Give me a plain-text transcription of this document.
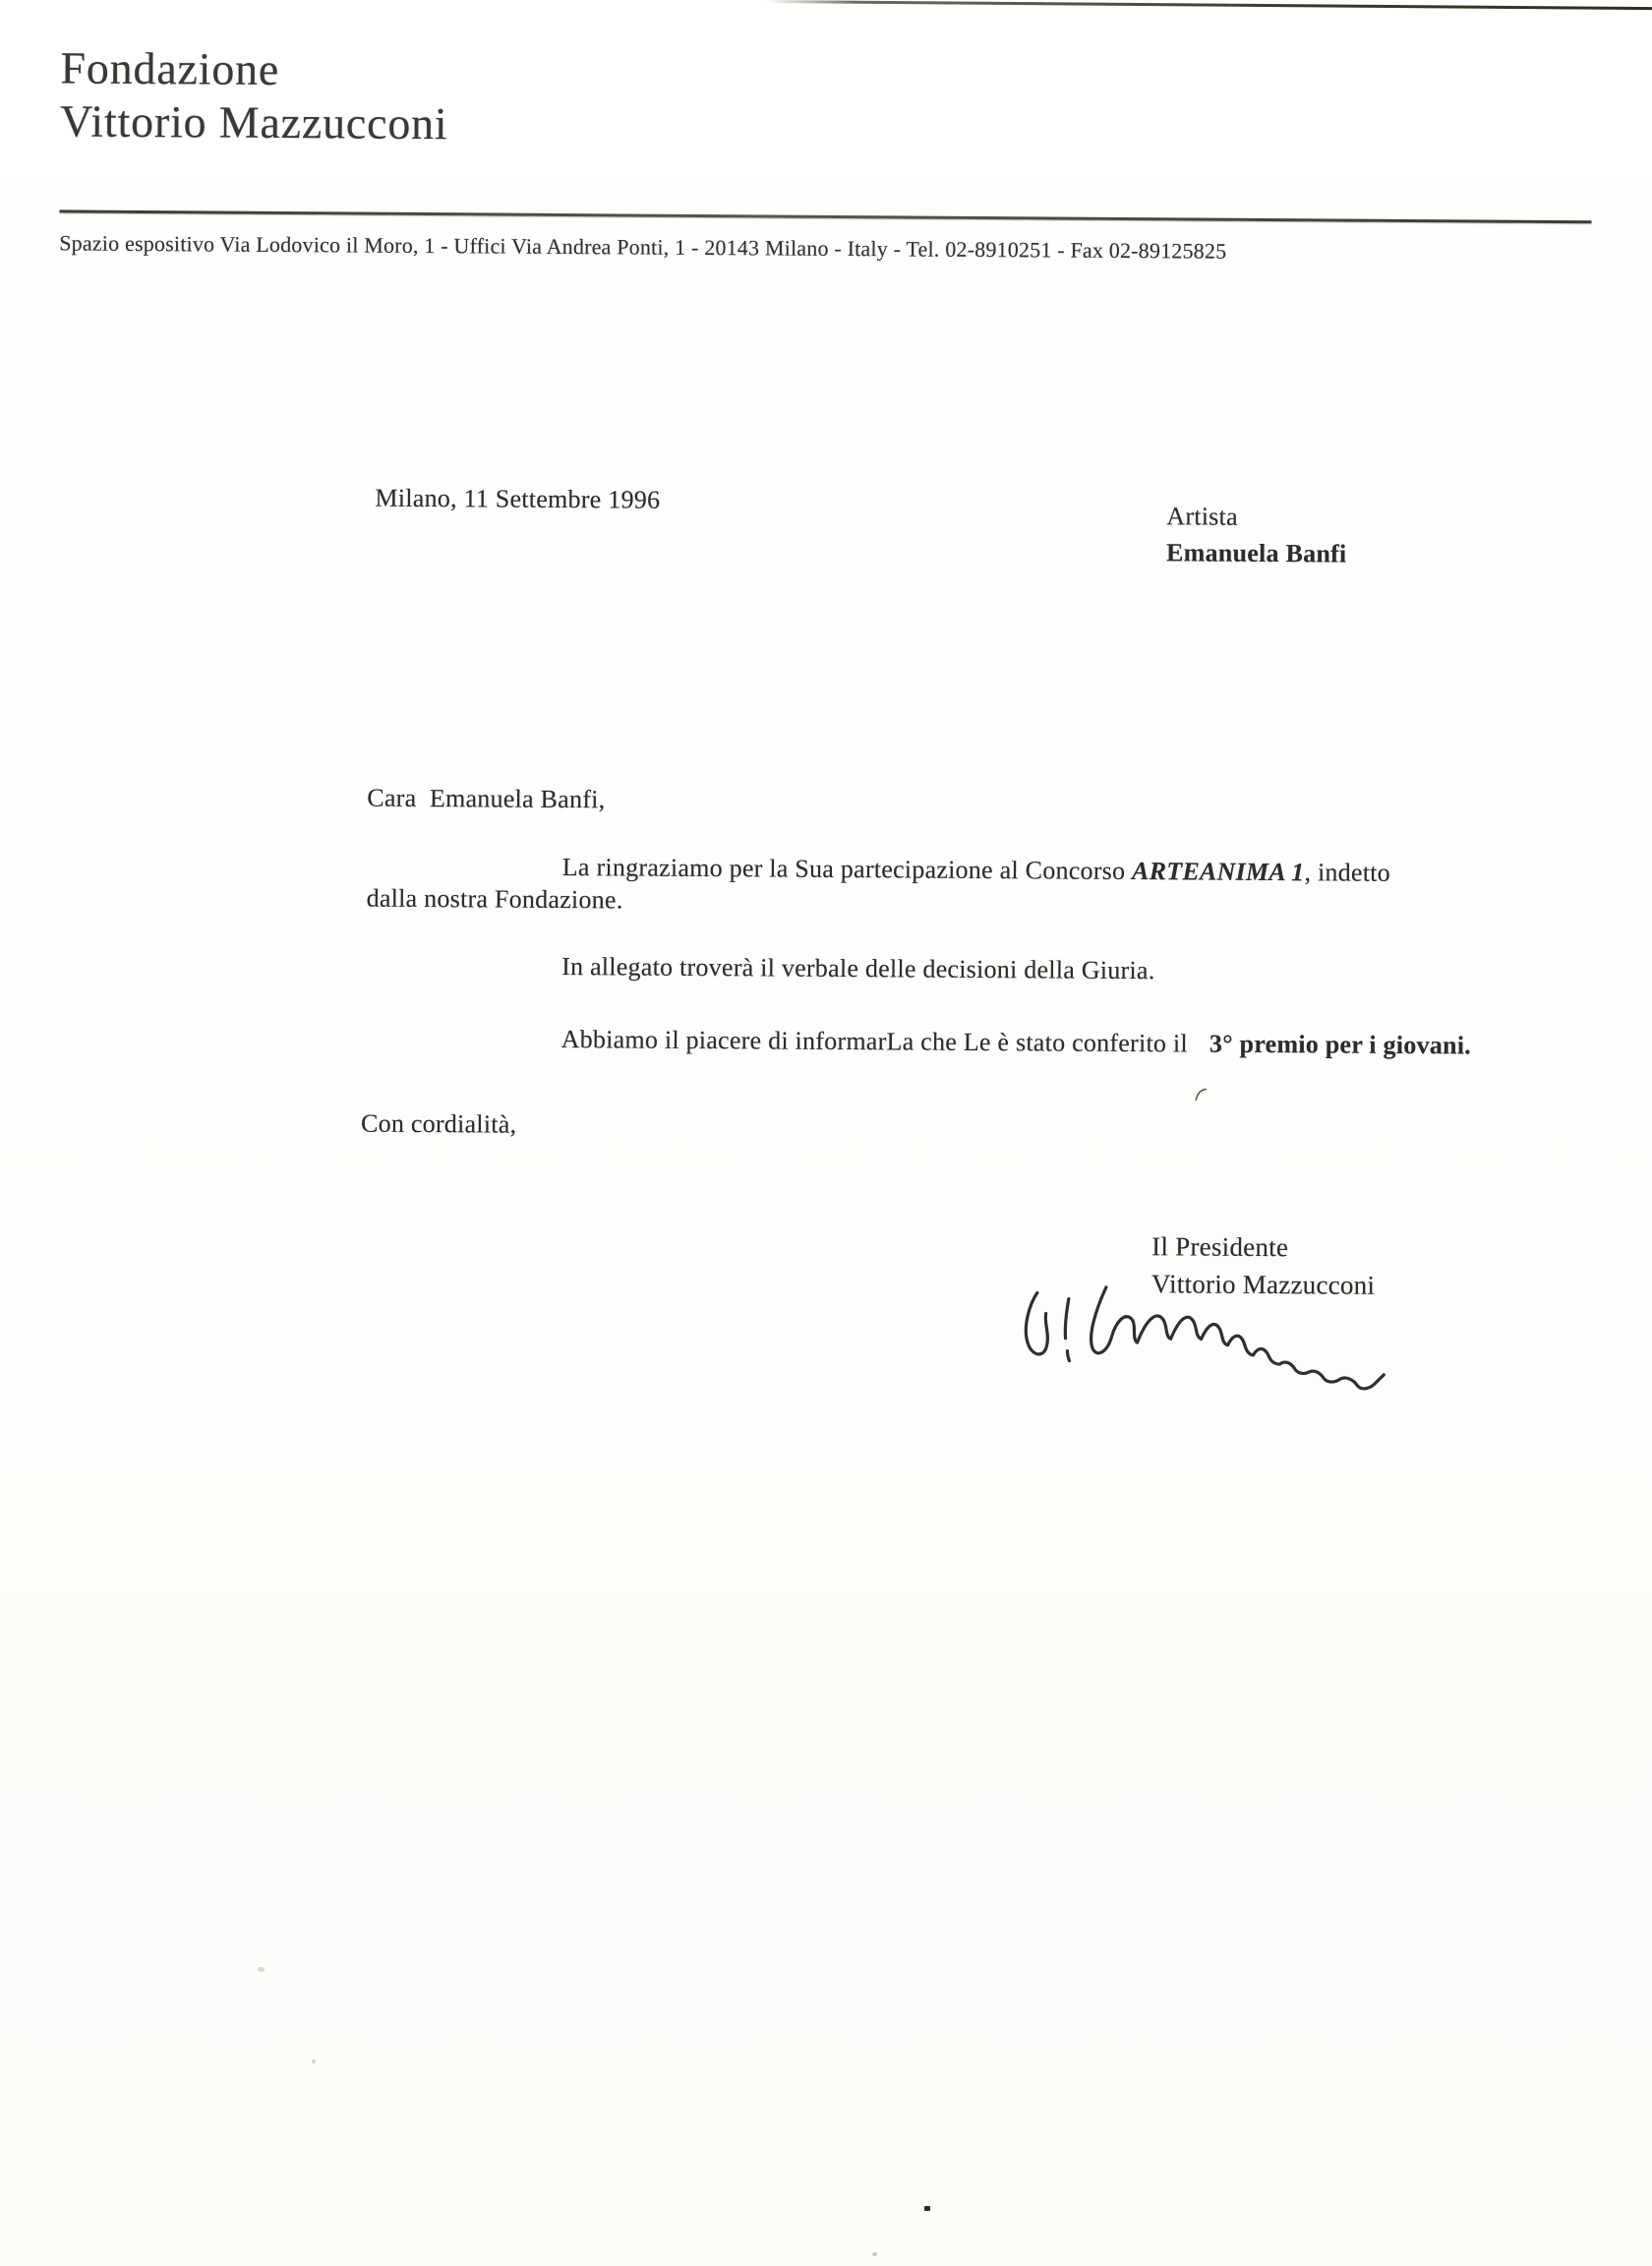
Fondazione
Vittorio Mazzucconi
Spazio espositivo Via Lodovico il Moro, 1 - Uffici Via Andrea Ponti, 1 - 20143 Milano - Italy - Tel. 02-8910251 - Fax 02-89125825
Milano, 11 Settembre 1996
Artista
Emanuela Banfi
Cara  Emanuela Banfi,
La ringraziamo per la Sua partecipazione al Concorso ARTEANIMA 1, indetto
dalla nostra Fondazione.
In allegato troverà il verbale delle decisioni della Giuria.
Abbiamo il piacere di informarLa che Le è stato conferito il 3° premio per i giovani.
Con cordialità,
Il Presidente
Vittorio Mazzucconi
